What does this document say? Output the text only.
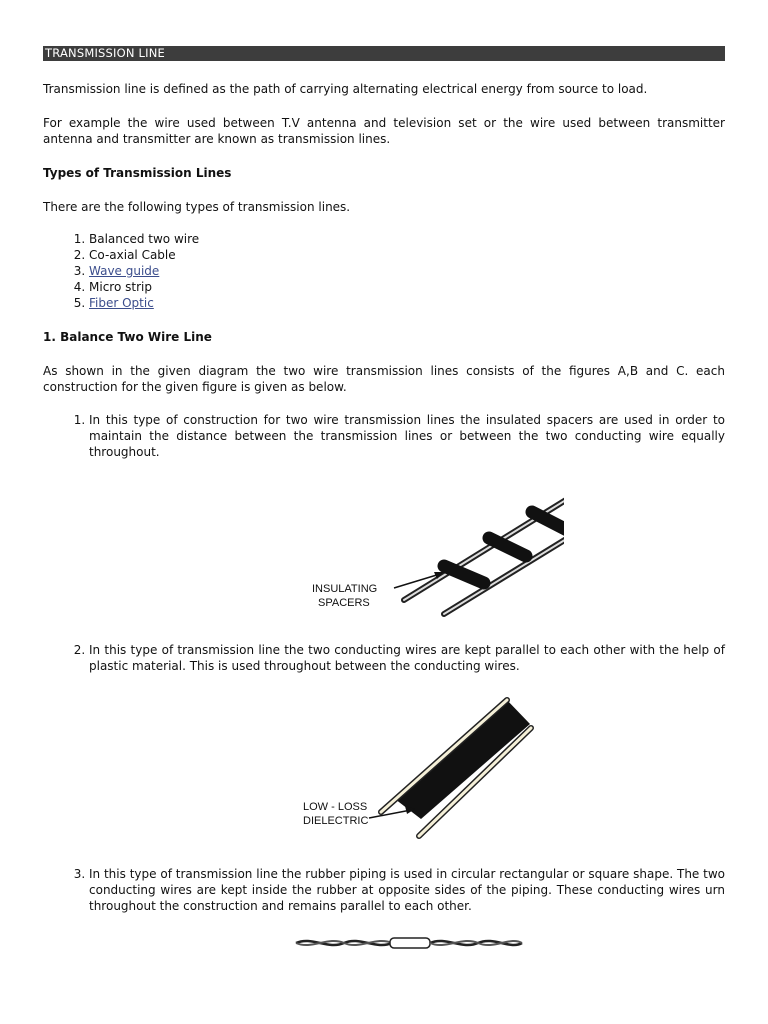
TRANSMISSION LINE

Transmission line is defined as the path of carrying alternating electrical energy from source to load.

For example the wire used between T.V antenna and television set or the wire used between transmitter antenna and transmitter are known as transmission lines.

Types of Transmission Lines

There are the following types of transmission lines.

1. Balanced two wire
2. Co-axial Cable
3. Wave guide
4. Micro strip
5. Fiber Optic
1. Balance Two Wire Line

As shown in the given diagram the two wire transmission lines consists of the figures A,B and C. each construction for the given figure is given as below.

1. In this type of construction for two wire transmission lines the insulated spacers are used in order to maintain the distance between the transmission lines or between the two conducting wire equally throughout.
INSULATING
SPACERS
2. In this type of transmission line the two conducting wires are kept parallel to each other with the help of plastic material. This is used throughout between the conducting wires.
LOW - LOSS
DIELECTRIC
3. In this type of transmission line the rubber piping is used in circular rectangular or square shape. The two conducting wires are kept inside the rubber at opposite sides of the piping. These conducting wires urn throughout the construction and remains parallel to each other.
